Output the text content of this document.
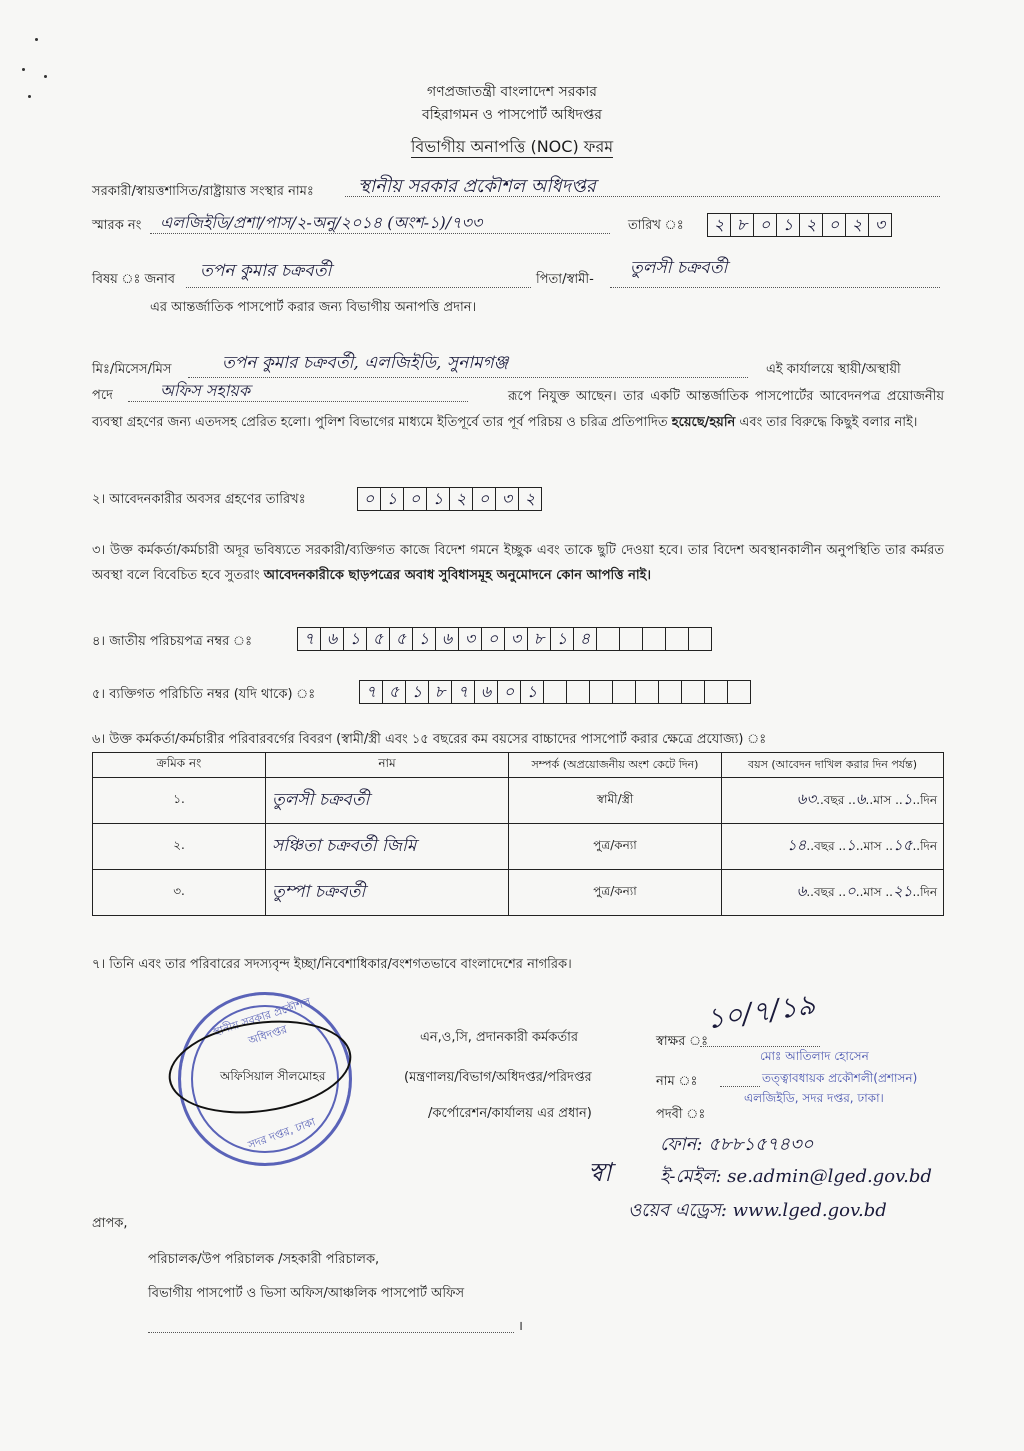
গণপ্রজাতন্ত্রী বাংলাদেশ সরকার
বহিরাগমন ও পাসপোর্ট অধিদপ্তর
বিভাগীয় অনাপত্তি (NOC) ফরম
সরকারী/স্বায়ত্তশাসিত/রাষ্ট্রায়াত্ত সংস্থার নামঃ স্থানীয় সরকার প্রকৌশল অধিদপ্তর
স্মারক নং এলজিইডি/প্রশা/পাস/২-অনু/২০১৪ (অংশ-১)/৭৩৩	তারিখ ঃ	২ ৮ ০ ১ ২ ০ ২ ৩
বিষয় ঃ জনাব তপন কুমার চক্রবর্তী	পিতা/স্বামী-
তুলসী চক্রবর্তী
এর আন্তর্জাতিক পাসপোর্ট করার জন্য বিভাগীয় অনাপত্তি প্রদান।
মিঃ/মিসেস/মিস	তপন কুমার চক্রবর্তী, এলজিইডি, সুনামগঞ্জ	এই কার্যালয়ে স্থায়ী/অস্থায়ী
পদে	অফিস সহায়ক	রূপে নিযুক্ত আছেন। তার একটি আন্তর্জাতিক পাসপোর্টের আবেদনপত্র প্রয়োজনীয় ব্যবস্থা গ্রহণের জন্য এতদসহ প্রেরিত হলো। পুলিশ বিভাগের মাধ্যমে ইতিপূর্বে তার পূর্ব পরিচয় ও চরিত্র প্রতিপাদিত হয়েছে/হয়নি এবং তার বিরুদ্ধে কিছুই বলার নাই।
২। আবেদনকারীর অবসর গ্রহণের তারিখঃ	০ ১ ০ ১ ২ ০ ৩ ২
৩। উক্ত কর্মকর্তা/কর্মচারী অদূর ভবিষ্যতে সরকারী/ব্যক্তিগত কাজে বিদেশ গমনে ইচ্ছুক এবং তাকে ছুটি দেওয়া হবে। তার বিদেশ অবস্থানকালীন অনুপস্থিতি তার কর্মরত অবস্থা বলে বিবেচিত হবে সুতরাং আবেদনকারীকে ছাড়পত্রের অবাধ সুবিধাসমূহ অনুমোদনে কোন আপত্তি নাই।
৪। জাতীয় পরিচয়পত্র নম্বর ঃ	৭ ৬ ১ ৫ ৫ ১ ৬ ৩ ০ ৩ ৮ ১ ৪
৫। ব্যক্তিগত পরিচিতি নম্বর (যদি থাকে) ঃ	৭ ৫ ১ ৮ ৭ ৬ ০ ১
৬। উক্ত কর্মকর্তা/কর্মচারীর পরিবারবর্গের বিবরণ (স্বামী/স্ত্রী এবং ১৫ বছরের কম বয়সের বাচ্চাদের পাসপোর্ট করার ক্ষেত্রে প্রযোজ্য) ঃ
ক্রমিক নং	নাম	সম্পর্ক (অপ্রয়োজনীয় অংশ কেটে দিন)	বয়স (আবেদন দাখিল করার দিন পর্যন্ত)
১.	তুলসী চক্রবর্তী	স্বামী/স্ত্রী	৬৩..বছর ..৬..মাস ..১..দিন
২.	সঞ্চিতা চক্রবর্তী জিমি	পুত্র/কন্যা	১৪..বছর ..১..মাস ..১৫..দিন
৩.	তুম্পা চক্রবর্তী	পুত্র/কন্যা	৬..বছর ..০..মাস ..২১..দিন
৭। তিনি এবং তার পরিবারের সদস্যবৃন্দ ইচ্ছা/নিবেশাধিকার/বংশগতভাবে বাংলাদেশের নাগরিক।
স্থানীয় সরকার প্রকৌশল অধিদপ্তর
সদর দপ্তর, ঢাকা
অফিসিয়াল সীলমোহর
এন,ও,সি, প্রদানকারী কর্মকর্তার
(মন্ত্রণালয়/বিভাগ/অধিদপ্তর/পরিদপ্তর
/কর্পোরেশন/কার্যালয় এর প্রধান)
স্বাক্ষর ঃ
১০/৭/১৯
মোঃ আতিলাদ হোসেন
নাম ঃ	তত্ত্বাবধায়ক প্রকৌশলী(প্রশাসন)
পদবী ঃ
এলজিইডি, সদর দপ্তর, ঢাকা।
স্বা
ফোন: ৫৮৮১৫৭৪৩০
ই-মেইল: se.admin@lged.gov.bd
ওয়েব এড্রেস: www.lged.gov.bd
প্রাপক,
পরিচালক/উপ পরিচালক /সহকারী পরিচালক,
বিভাগীয় পাসপোর্ট ও ভিসা অফিস/আঞ্চলিক পাসপোর্ট অফিস
।
